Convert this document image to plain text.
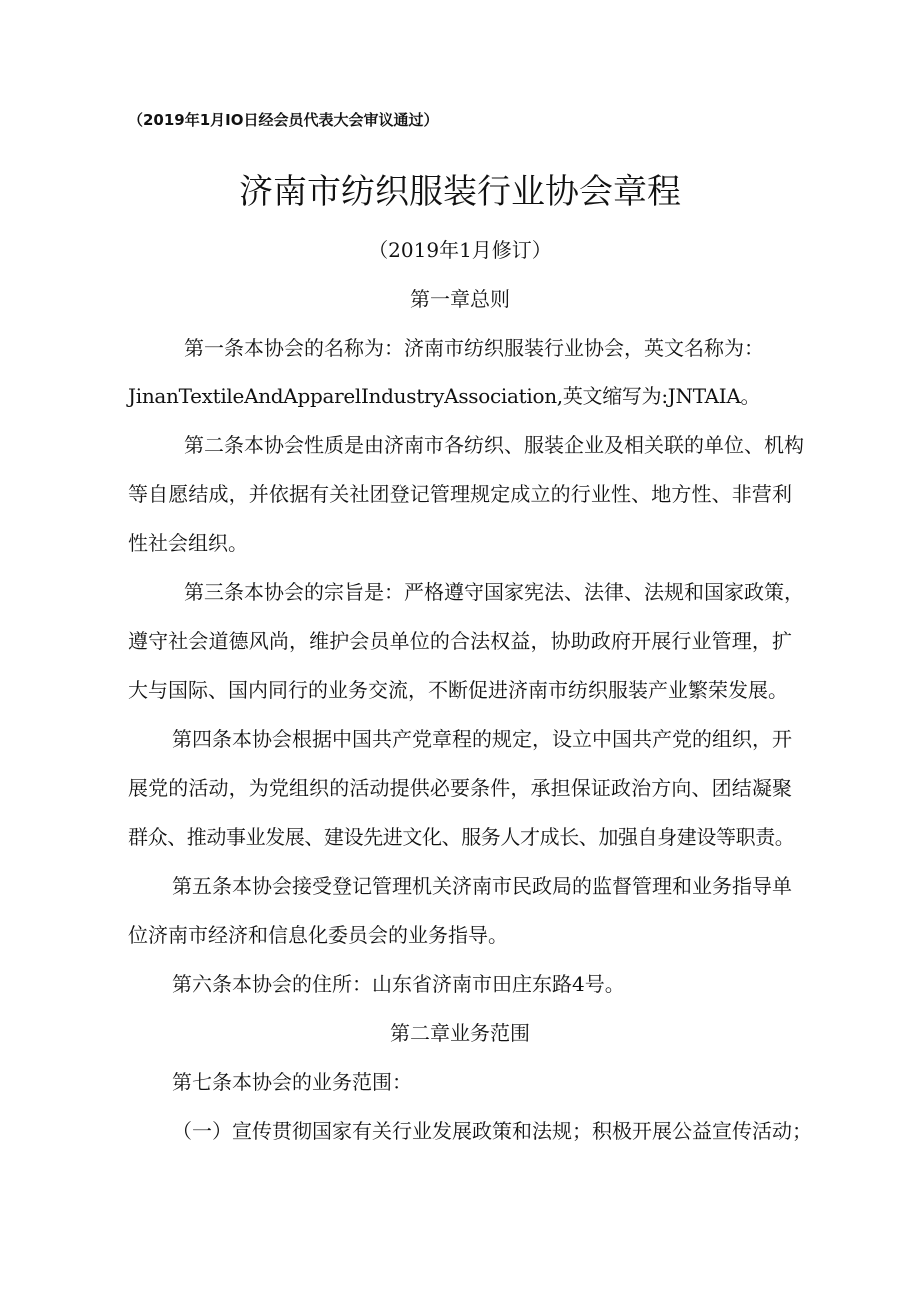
（2019年1月IO日经会员代表大会审议通过）
济南市纺织服装行业协会章程
（2019年1月修订）
第一章总则
第一条本协会的名称为：济南市纺织服装行业协会，英文名称为：
JinanTextileAndApparelIndustryAssociation,英文缩写为:JNTAIA。
第二条本协会性质是由济南市各纺织、服装企业及相关联的单位、机构
等自愿结成，并依据有关社团登记管理规定成立的行业性、地方性、非营利
性社会组织。
第三条本协会的宗旨是：严格遵守国家宪法、法律、法规和国家政策，
遵守社会道德风尚，维护会员单位的合法权益，协助政府开展行业管理，扩
大与国际、国内同行的业务交流，不断促进济南市纺织服装产业繁荣发展。
第四条本协会根据中国共产党章程的规定，设立中国共产党的组织，开
展党的活动，为党组织的活动提供必要条件，承担保证政治方向、团结凝聚
群众、推动事业发展、建设先进文化、服务人才成长、加强自身建设等职责。
第五条本协会接受登记管理机关济南市民政局的监督管理和业务指导单
位济南市经济和信息化委员会的业务指导。
第六条本协会的住所：山东省济南市田庄东路4号。
第二章业务范围
第七条本协会的业务范围：
（一）宣传贯彻国家有关行业发展政策和法规；积极开展公益宣传活动；
